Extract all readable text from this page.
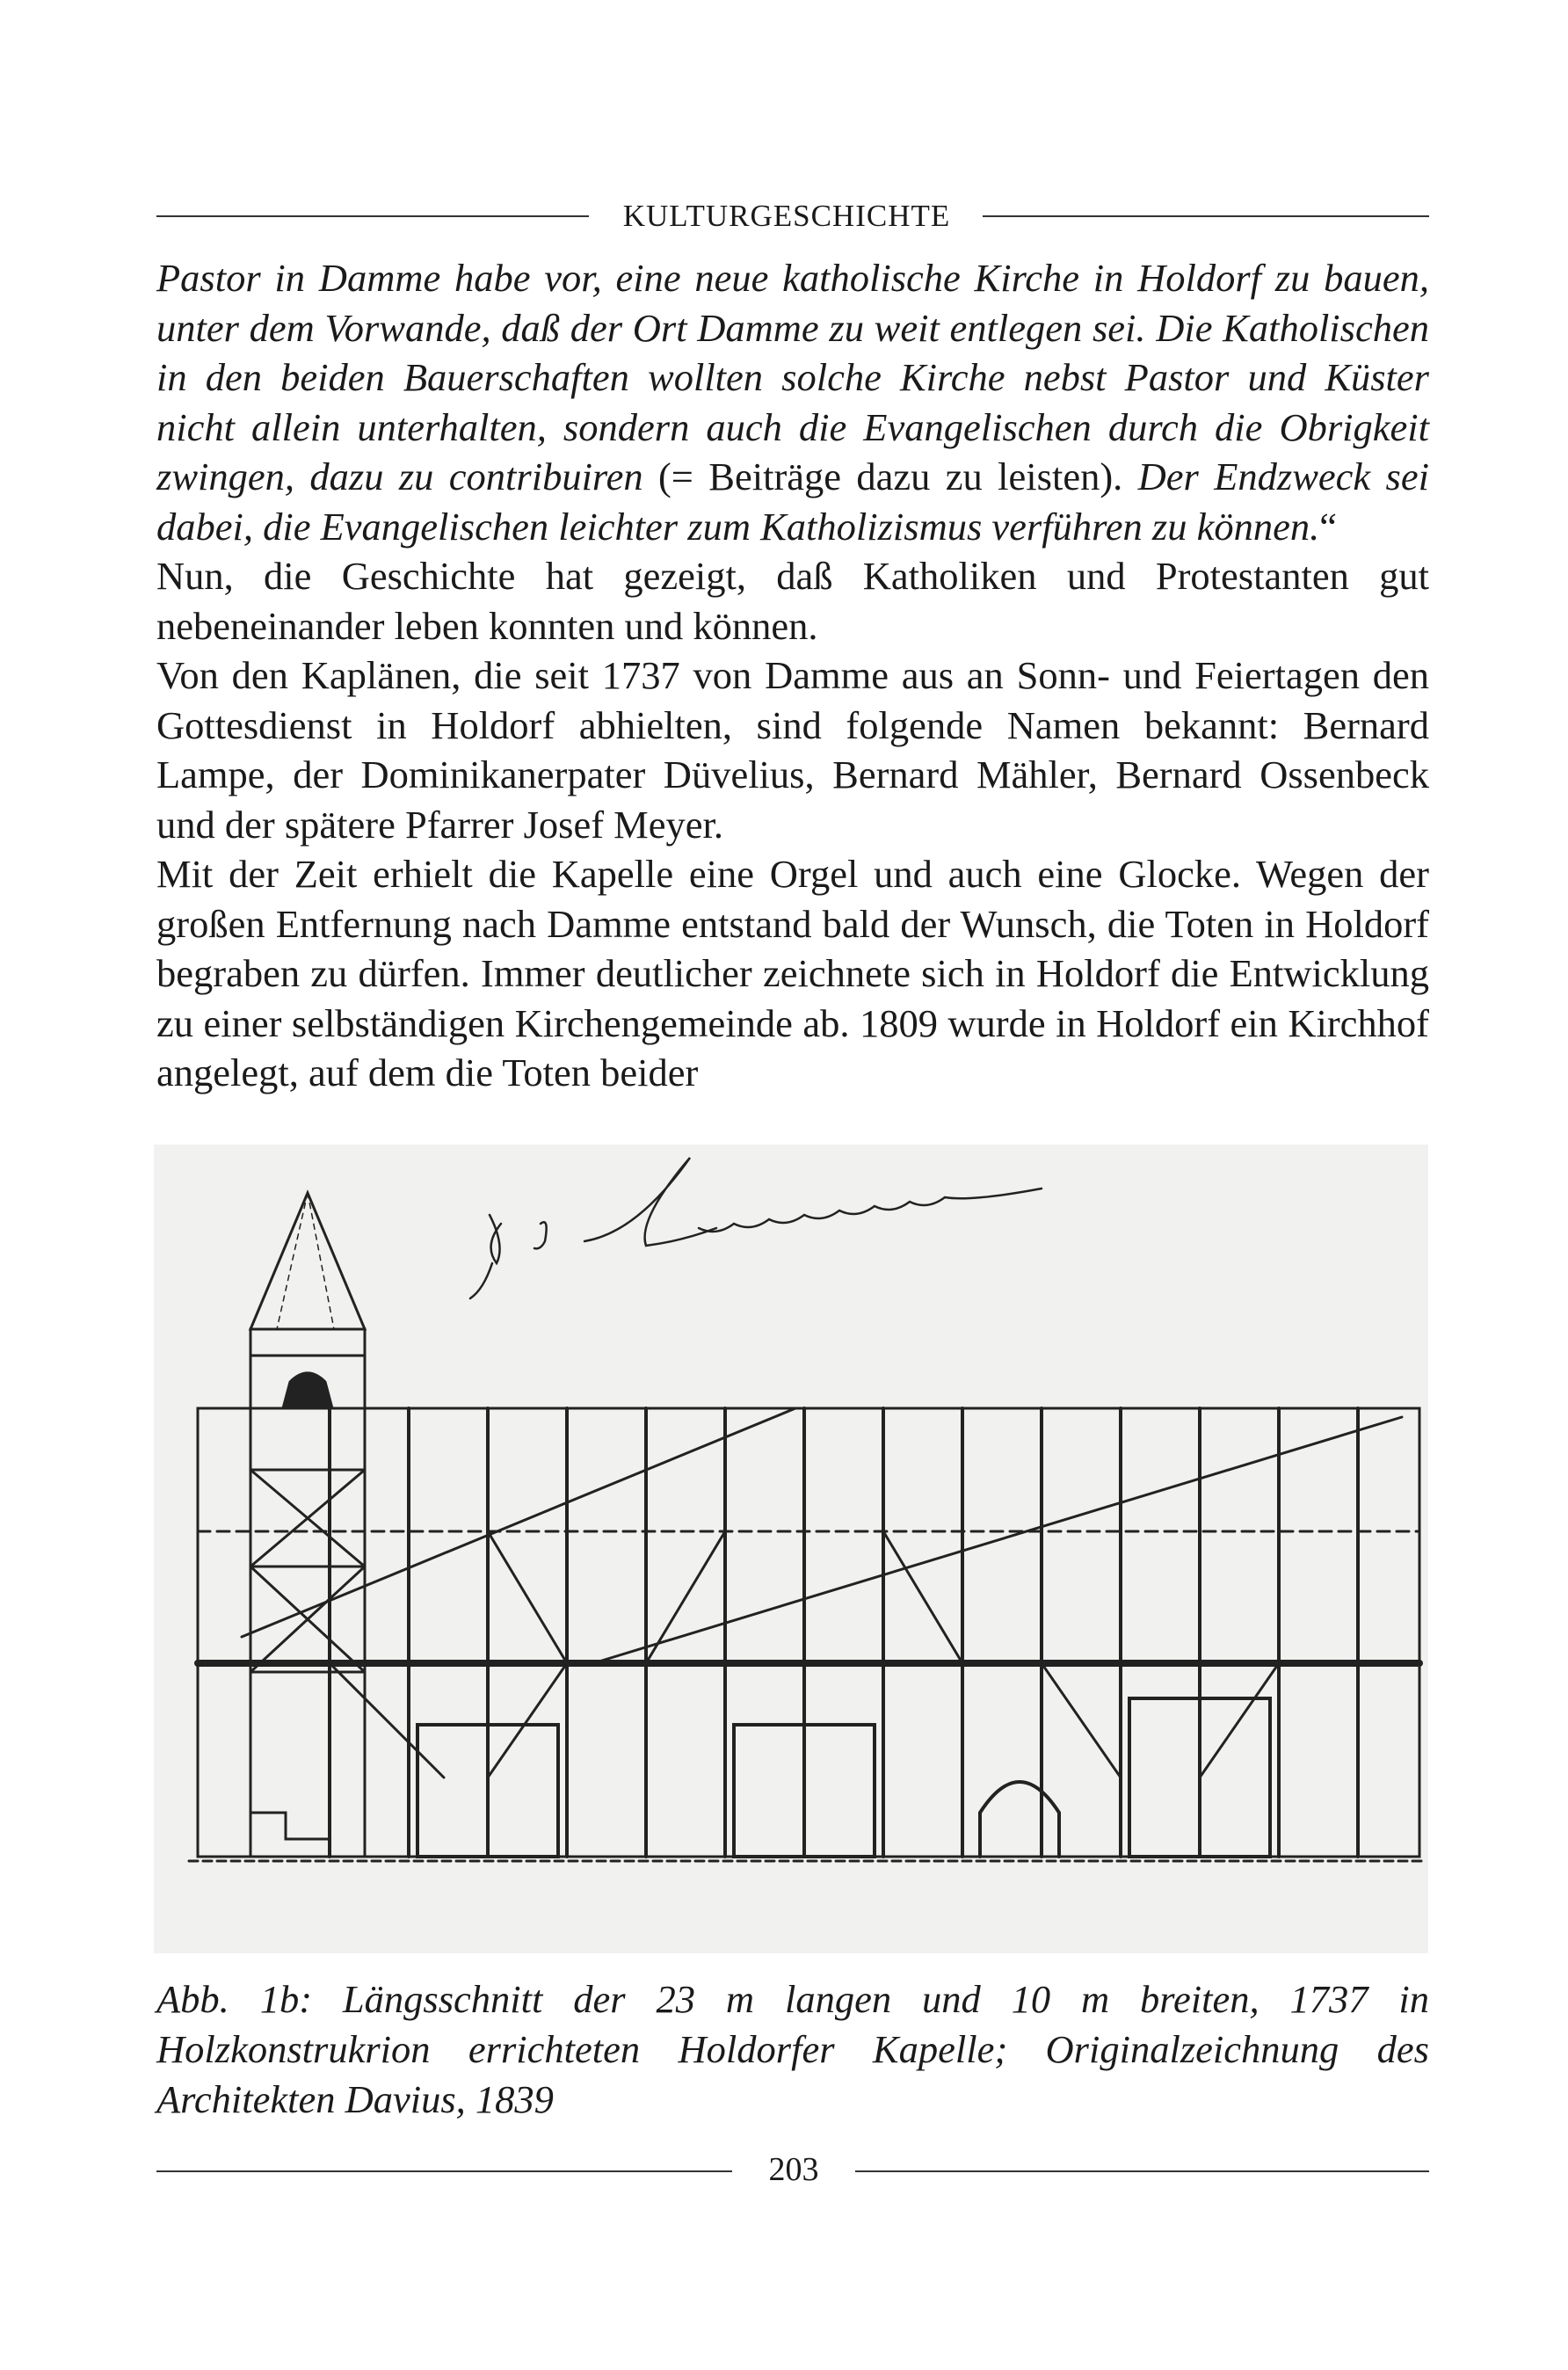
KULTURGESCHICHTE

Pastor in Damme habe vor, eine neue katholische Kirche in Holdorf zu bauen, unter dem Vorwande, daß der Ort Damme zu weit entlegen sei. Die Katholischen in den beiden Bauerschaften wollten solche Kirche nebst Pastor und Küster nicht allein unterhalten, sondern auch die Evangelischen durch die Obrigkeit zwingen, dazu zu contribuiren (= Beiträge dazu zu leisten). Der Endzweck sei dabei, die Evangelischen leichter zum Katholizismus verführen zu können.“

Nun, die Geschichte hat gezeigt, daß Katholiken und Protestanten gut nebeneinander leben konnten und können.

Von den Kaplänen, die seit 1737 von Damme aus an Sonn- und Feiertagen den Gottesdienst in Holdorf abhielten, sind folgende Namen bekannt: Bernard Lampe, der Dominikanerpater Düvelius, Bernard Mähler, Bernard Ossenbeck und der spätere Pfarrer Josef Meyer.

Mit der Zeit erhielt die Kapelle eine Orgel und auch eine Glocke. Wegen der großen Entfernung nach Damme entstand bald der Wunsch, die Toten in Holdorf begraben zu dürfen. Immer deutlicher zeichnete sich in Holdorf die Entwicklung zu einer selbständigen Kirchengemeinde ab. 1809 wurde in Holdorf ein Kirchhof angelegt, auf dem die Toten beider

Abb. 1b: Längsschnitt der 23 m langen und 10 m breiten, 1737 in Holzkonstrukrion errichteten Holdorfer Kapelle; Originalzeichnung des Architekten Davius, 1839
203
